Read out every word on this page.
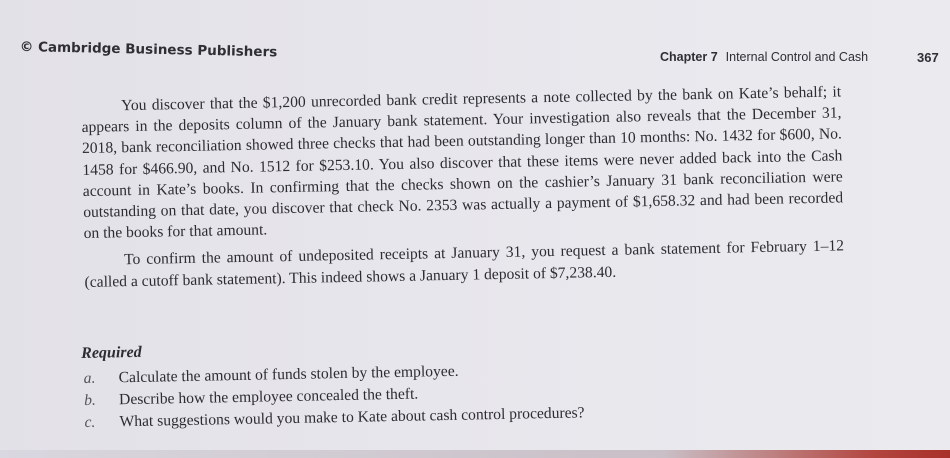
© Cambridge Business Publishers	Chapter 7 Internal Control and Cash	367

You discover that the $1,200 unrecorded bank credit represents a note collected by the bank on Kate’s behalf; it appears in the deposits column of the January bank statement. Your investigation also reveals that the December 31, 2018, bank reconciliation showed three checks that had been outstanding longer than 10 months: No. 1432 for $600, No. 1458 for $466.90, and No. 1512 for $253.10. You also discover that these items were never added back into the Cash account in Kate’s books. In confirming that the checks shown on the cashier’s January 31 bank reconciliation were outstanding on that date, you discover that check No. 2353 was actually a payment of $1,658.32 and had been recorded on the books for that amount.

To confirm the amount of undeposited receipts at January 31, you request a bank statement for February 1–12 (called a cutoff bank statement). This indeed shows a January 1 deposit of $7,238.40.

Required
a.	Calculate the amount of funds stolen by the employee.
b.	Describe how the employee concealed the theft.
c.	What suggestions would you make to Kate about cash control procedures?
